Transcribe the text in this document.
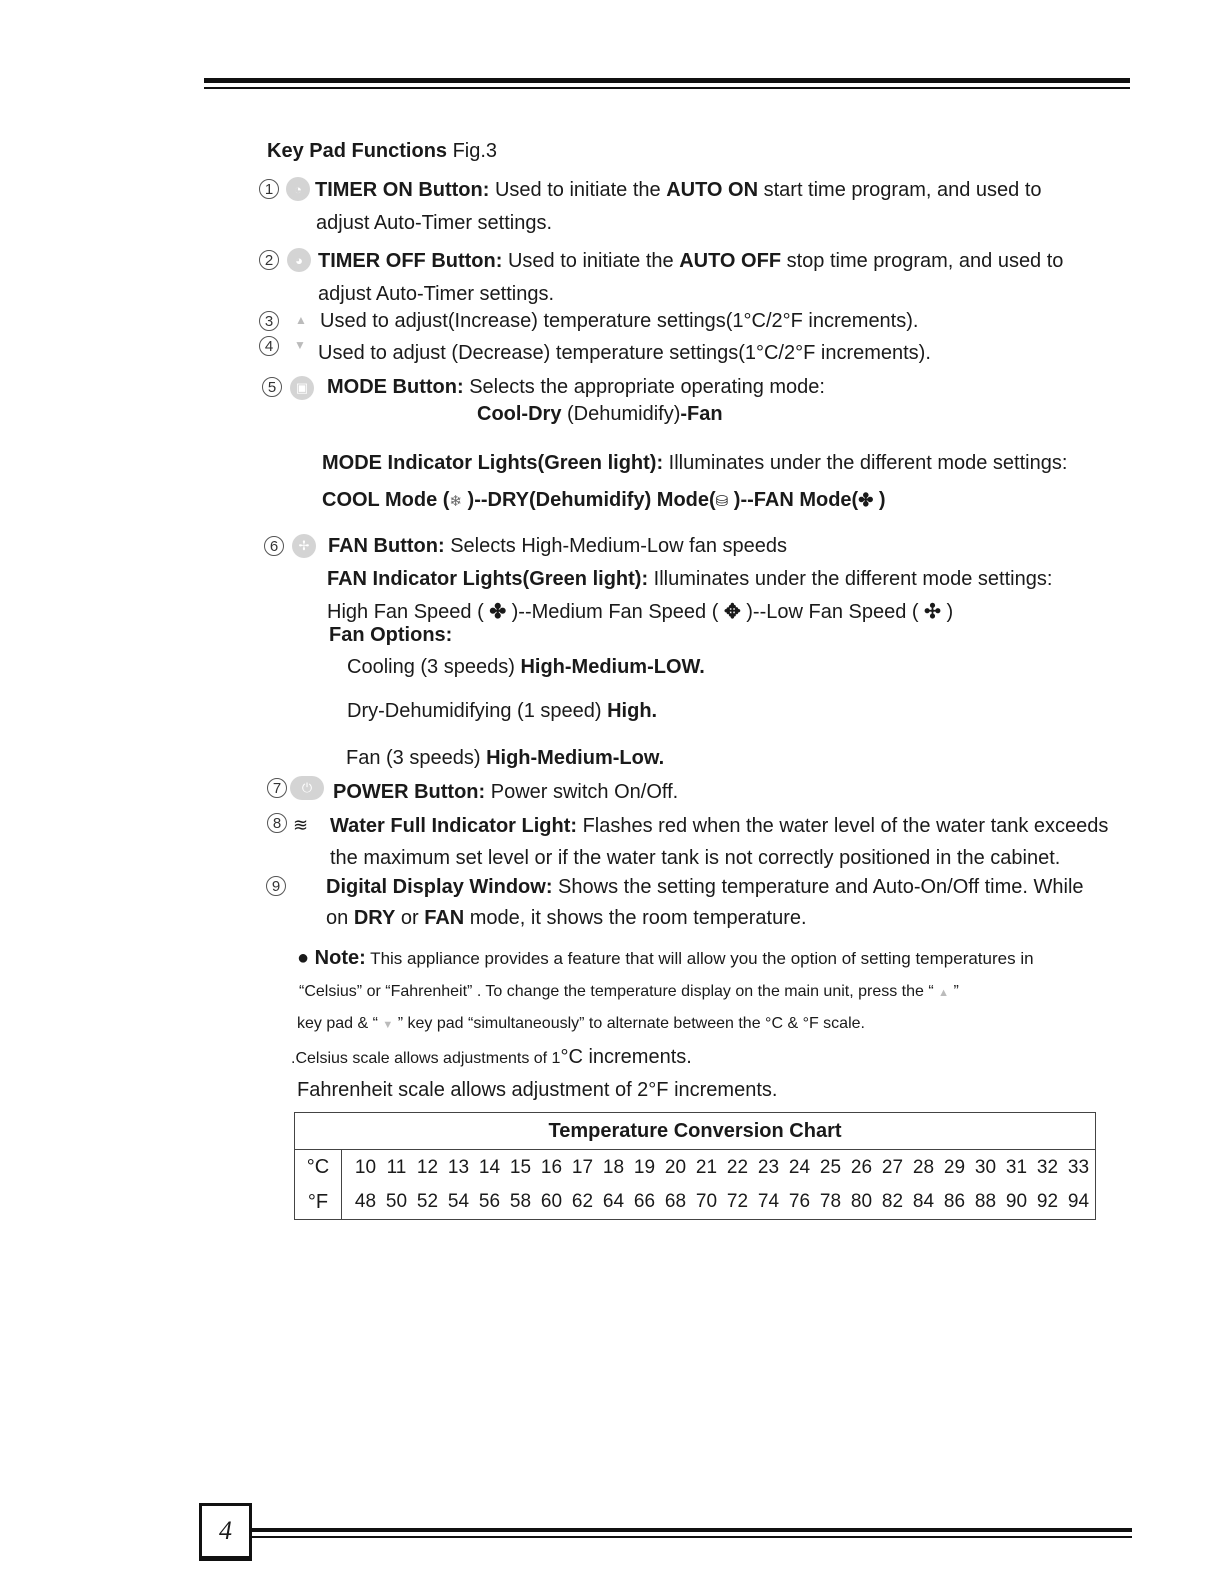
Key Pad Functions Fig.3
1	◔ TIMER ON Button: Used to initiate the AUTO ON start time program, and used to
adjust Auto-Timer settings.
2	◕ TIMER OFF Button: Used to initiate the AUTO OFF stop time program, and used to
adjust Auto-Timer settings.
3	▲ Used to adjust(Increase) temperature settings(1°C/2°F increments).
4	▼ Used to adjust (Decrease) temperature settings(1°C/2°F increments).
5	▣ MODE Button: Selects the appropriate operating mode:
Cool-Dry (Dehumidify)-Fan
MODE Indicator Lights(Green light): Illuminates under the different mode settings:
COOL Mode (❄ )--DRY(Dehumidify) Mode(⛁ )--FAN Mode(✤ )
6	✢ FAN Button: Selects High-Medium-Low fan speeds
FAN Indicator Lights(Green light): Illuminates under the different mode settings:
High Fan Speed ( ✤ )--Medium Fan Speed ( ✥ )--Low Fan Speed ( ✣ )
Fan Options:
Cooling (3 speeds) High-Medium-LOW.
Dry-Dehumidifying (1 speed) High.
Fan (3 speeds) High-Medium-Low.
7	⏻	POWER Button: Power switch On/Off.
8 ≋ Water Full Indicator Light: Flashes red when the water level of the water tank exceeds
the maximum set level or if the water tank is not correctly positioned in the cabinet.
9 Digital Display Window: Shows the setting temperature and Auto-On/Off time. While
on DRY or FAN mode, it shows the room temperature.
● Note: This appliance provides a feature that will allow you the option of setting temperatures in
“Celsius” or “Fahrenheit” . To change the temperature display on the main unit, press the “ ▲ ”
key pad & “ ▼ ” key pad “simultaneously” to alternate between the °C & °F scale.
.Celsius scale allows adjustments of 1°C increments.
Fahrenheit scale allows adjustment of 2°F increments.
Temperature Conversion Chart	
°C	10 11 12 13 14 15 16 17 18 19 20 21 22 23 24 25 26 27 28 29 30 31 32 33
°F	48 50 52 54 56 58 60 62 64 66 68 70 72 74 76 78 80 82 84 86 88 90 92 94
4
